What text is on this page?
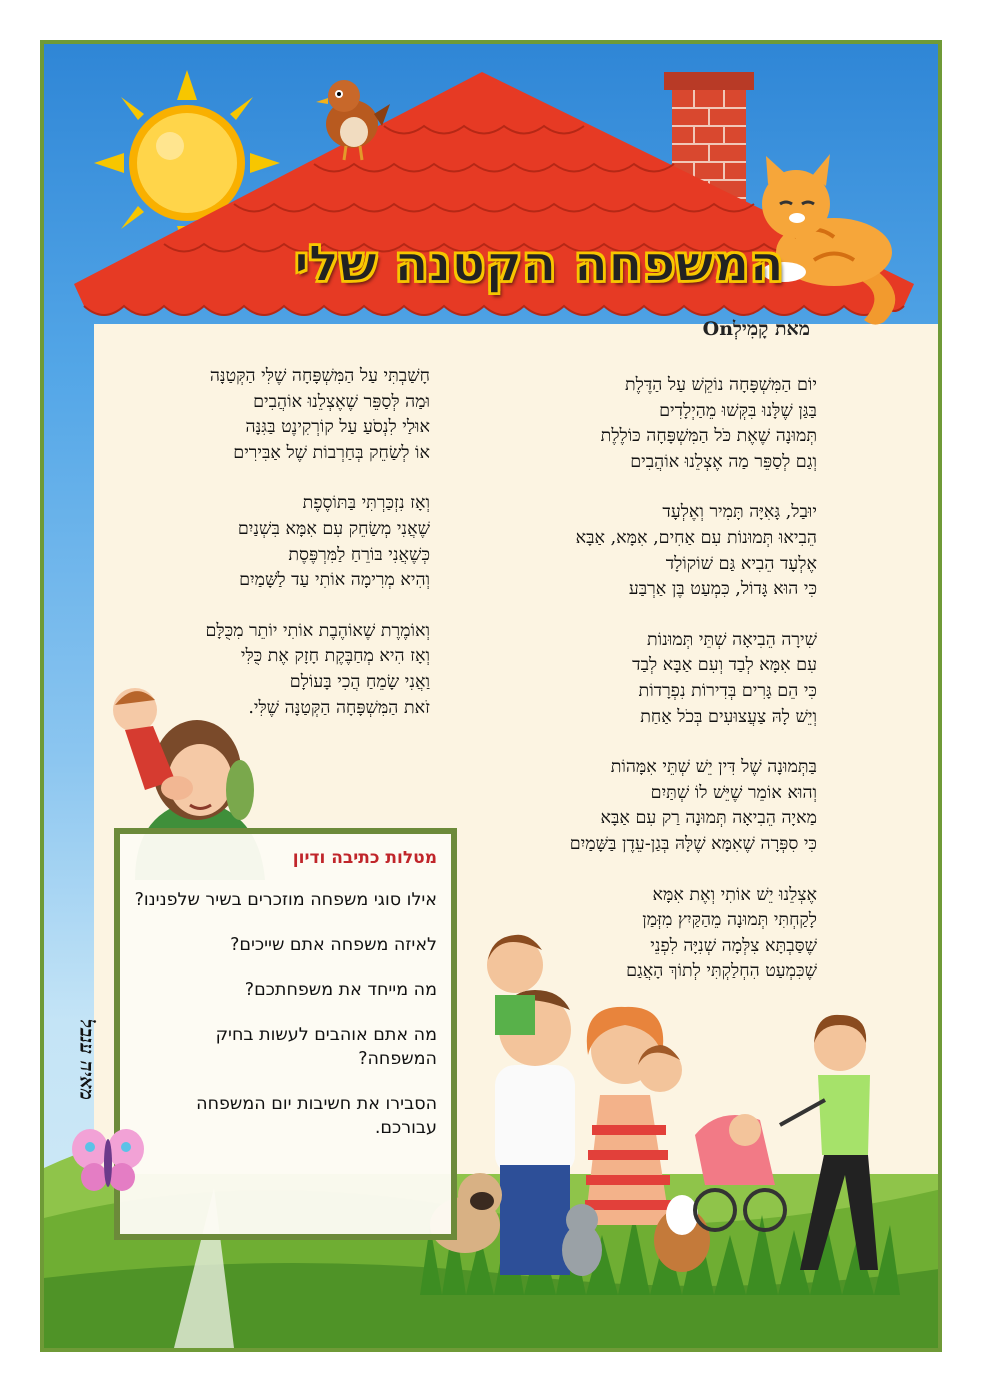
המשפחה הקטנה שלי
מאת קָמִילְOn

חָשַׁבְתִּי עַל הַמִּשְׁפָּחָה שֶׁלִּי הַקְּטַנָּה
וּמַה לְּסַפֵּר שֶׁאֶצְלֵנוּ אוֹהֲבִים
אוּלַי לִנְסֹעַ עַל קוֹרְקִינֶט בַּגִּנָּה
אוֹ לְשַׂחֵק בְּחַרְבוֹת שֶׁל אַבִּירִים

וְאָז נִזְכַּרְתִּי בַּתּוֹסֶפֶת
שֶׁאֲנִי מְשַׂחֵק עִם אִמָּא בִּשְׁנַיִם
כְּשֶׁאֲנִי בּוֹרֵחַ לַמִּרְפֶּסֶת
וְהִיא מְרִימָה אוֹתִי עַד לַשָּׁמַיִם

וְאוֹמֶרֶת שֶׁאוֹהֶבֶת אוֹתִי יוֹתֵר מִכֻּלָּם
וְאָז הִיא מְחַבֶּקֶת חָזָק אֶת כֻּלִּי
וַאֲנִי שָׂמֵחַ הֲכִי בָּעוֹלָם
זֹאת הַמִּשְׁפָּחָה הַקְּטַנָּה שֶׁלִּי.

יוֹם הַמִּשְׁפָּחָה נוֹקֵשׁ עַל הַדֶּלֶת
בַּגַּן שֶׁלָּנוּ בִּקְּשׁוּ מֵהַיְלָדִים
תְּמוּנָה שֶׁאֶת כֹּל הַמִּשְׁפָּחָה כּוֹלֶלֶת
וְגַם לְסַפֵּר מַה אֶצְלֵנוּ אוֹהֲבִים

יוּבַל, גָּאִיָּה תָּמִיר וְאֶלְעָד
הֵבִיאוּ תְּמוּנוֹת עִם אַחִים, אִמָּא, אַבָּא
אֶלְעָד הֵבִיא גַּם שׁוֹקוֹלָד
כִּי הוּא גָּדוֹל, כִּמְעַט בֶּן אַרְבַּע

שִׁירָה הֵבִיאָה שְׁתֵּי תְּמוּנוֹת
עִם אִמָּא לְבַד וְעִם אַבָּא לְבַד
כִּי הֵם גָּרִים בְּדִירוֹת נִפְרָדוֹת
וְיֵשׁ לָהּ צַעֲצוּעִים בְּכֹל אַחַת

בַּתְּמוּנָה שֶׁל דִּין יֵשׁ שְׁתֵּי אִמָּהוֹת
וְהוּא אוֹמֵר שֶׁיֵּשׁ לוֹ שְׁתַּיִם
מַאיָה הֵבִיאָה תְּמוּנָה רַק עִם אַבָּא
כִּי סִפְּרָה שֶׁאִמָּא שֶׁלָּהּ בְּגַן-עֵדֶן בַּשָּׁמַיִם

אֶצְלֵנוּ יֵשׁ אוֹתִי וְאֶת אִמָּא
לָקַחְתִּי תְּמוּנָה מֵהַקַּיִץ מִזְּמַן
שֶׁסַּבְתָּא צִלְּמָה שְׁנִיָּה לִפְנֵי
שֶׁכִּמְעַט הִחְלַקְתִּי לְתוֹךְ הָאֲגַם

מטלות כתיבה ודיון
אילו סוגי משפחה מוזכרים בשיר שלפנינו?
לאיזה משפחה אתם שייכים?
מה מייחד את משפחתכם?
מה אתם אוהבים לעשות בחיק המשפחה?
הסבירו את חשיבות יום המשפחה עבורכם.
מאיה ענבל
